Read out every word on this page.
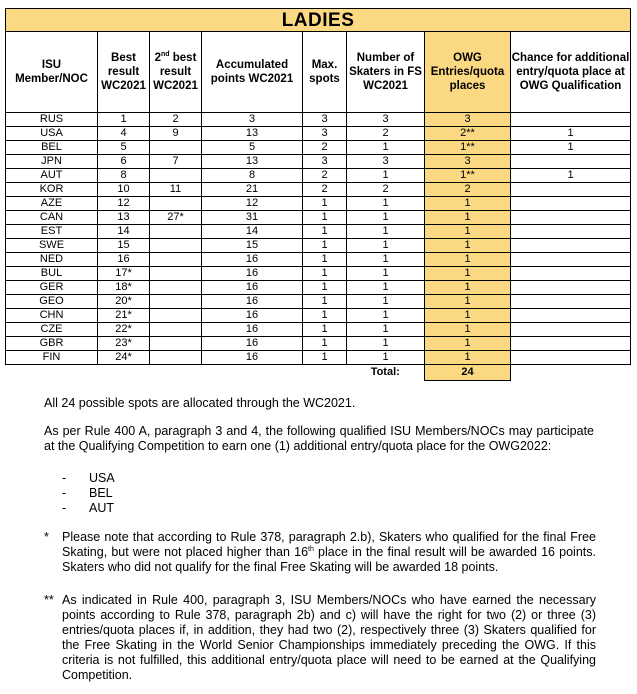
LADIES							
ISU Member/NOC	Best result WC2021	2nd best result WC2021	Accumulated points WC2021	Max. spots	Number of Skaters in FS WC2021	OWG Entries/quota places	Chance for additional entry/quota place at OWG Qualification
RUS	1	2	3	3	3	3	
USA	4	9	13	3	2	2**	1
BEL	5		5	2	1	1**	1
JPN	6	7	13	3	3	3	
AUT	8		8	2	1	1**	1
KOR	10	11	21	2	2	2	
AZE	12		12	1	1	1	
CAN	13	27*	31	1	1	1	
EST	14		14	1	1	1	
SWE	15		15	1	1	1	
NED	16		16	1	1	1	
BUL	17*		16	1	1	1	
GER	18*		16	1	1	1	
GEO	20*		16	1	1	1	
CHN	21*		16	1	1	1	
CZE	22*		16	1	1	1	
GBR	23*		16	1	1	1	
FIN	24*		16	1	1	1	
					Total:	24	
All 24 possible spots are allocated through the WC2021.
As per Rule 400 A, paragraph 3 and 4, the following qualified ISU Members/NOCs may participate at the Qualifying Competition to earn one (1) additional entry/quota place for the OWG2022:
- USA
- BEL
- AUT
*	Please note that according to Rule 378, paragraph 2.b), Skaters who qualified for the final Free Skating, but were not placed higher than 16th place in the final result will be awarded 16 points. Skaters who did not qualify for the final Free Skating will be awarded 18 points.
** As indicated in Rule 400, paragraph 3, ISU Members/NOCs who have earned the necessary points according to Rule 378, paragraph 2b) and c) will have the right for two (2) or three (3) entries/quota places if, in addition, they had two (2), respectively three (3) Skaters qualified for the Free Skating in the World Senior Championships immediately preceding the OWG. If this criteria is not fulfilled, this additional entry/quota place will need to be earned at the Qualifying Competition.
